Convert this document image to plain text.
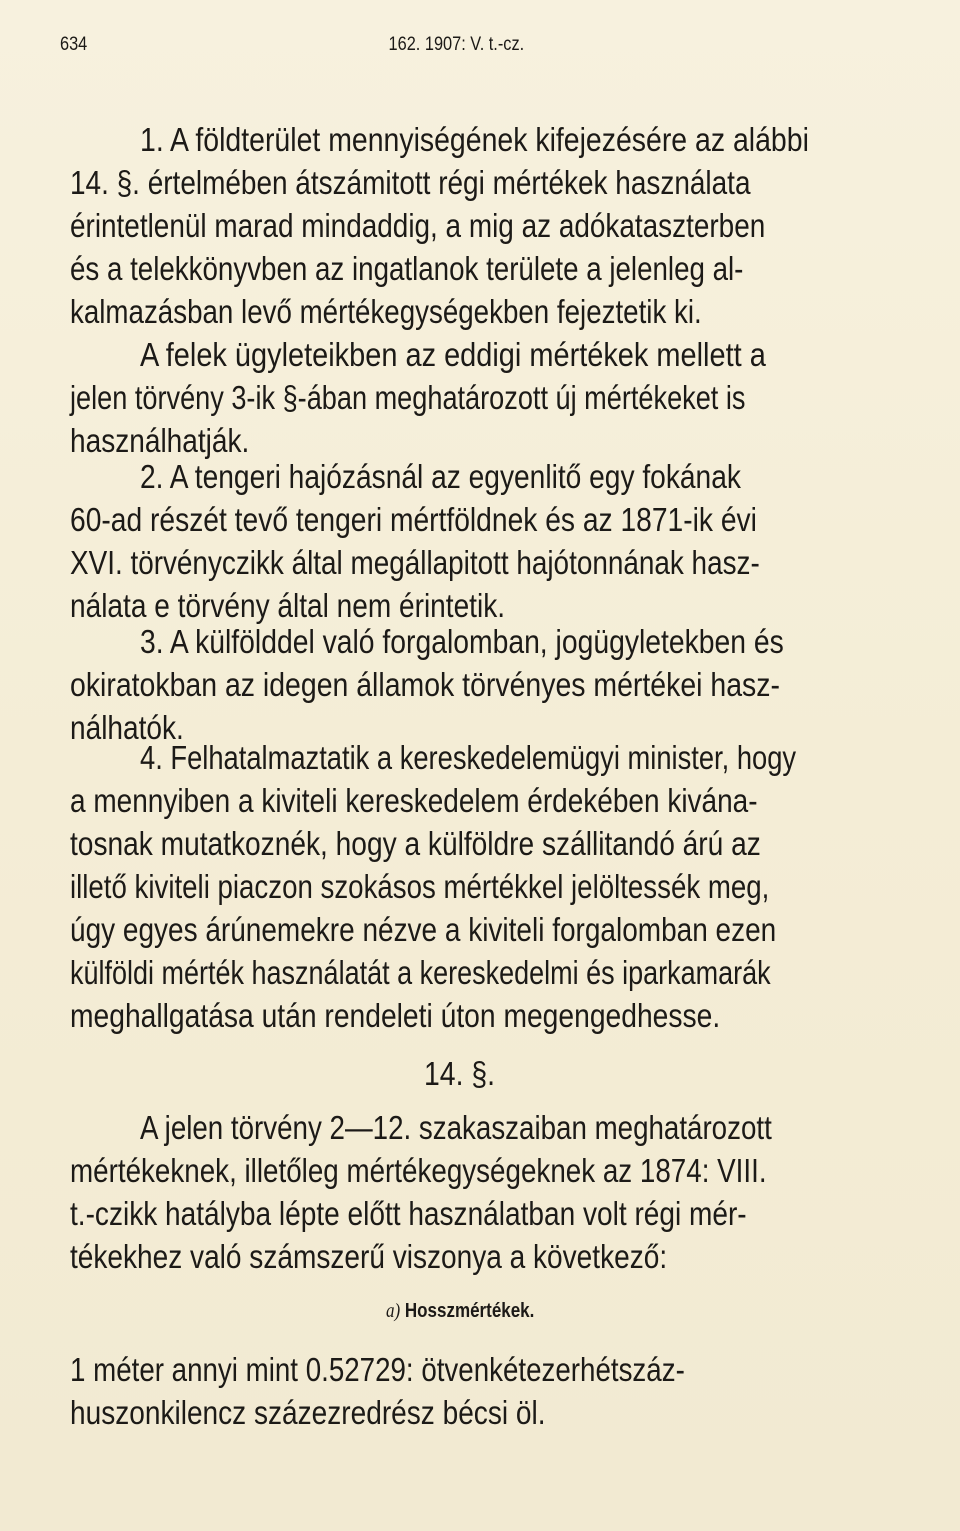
634	162. 1907: V. t.-cz.
1. A földterület mennyiségének kifejezésére az alábbi
14. §. értelmében átszámitott régi mértékek használata
érintetlenül marad mindaddig, a mig az adókataszterben
és a telekkönyvben az ingatlanok területe a jelenleg al-
kalmazásban levő mértékegységekben fejeztetik ki.
A felek ügyleteikben az eddigi mértékek mellett a
jelen törvény 3-ik §-ában meghatározott új mértékeket is
használhatják.
2. A tengeri hajózásnál az egyenlitő egy fokának
60-ad részét tevő tengeri mértföldnek és az 1871-ik évi
XVI. törvényczikk által megállapitott hajótonnának hasz-
nálata e törvény által nem érintetik.
3. A külfölddel való forgalomban, jogügyletekben és
okiratokban az idegen államok törvényes mértékei hasz-
nálhatók.
4. Felhatalmaztatik a kereskedelemügyi minister, hogy
a mennyiben a kiviteli kereskedelem érdekében kivána-
tosnak mutatkoznék, hogy a külföldre szállitandó árú az
illető kiviteli piaczon szokásos mértékkel jelöltessék meg,
úgy egyes árúnemekre nézve a kiviteli forgalomban ezen
külföldi mérték használatát a kereskedelmi és iparkamarák
meghallgatása után rendeleti úton megengedhesse.
A jelen törvény 2—12. szakaszaiban meghatározott
mértékeknek, illetőleg mértékegységeknek az 1874: VIII.
t.-czikk hatályba lépte előtt használatban volt régi mér-
tékekhez való számszerű viszonya a következő:
1 méter annyi mint 0.52729: ötvenkétezerhétszáz-
huszonkilencz százezredrész bécsi öl.
14. §.
a) Hosszmértékek.
